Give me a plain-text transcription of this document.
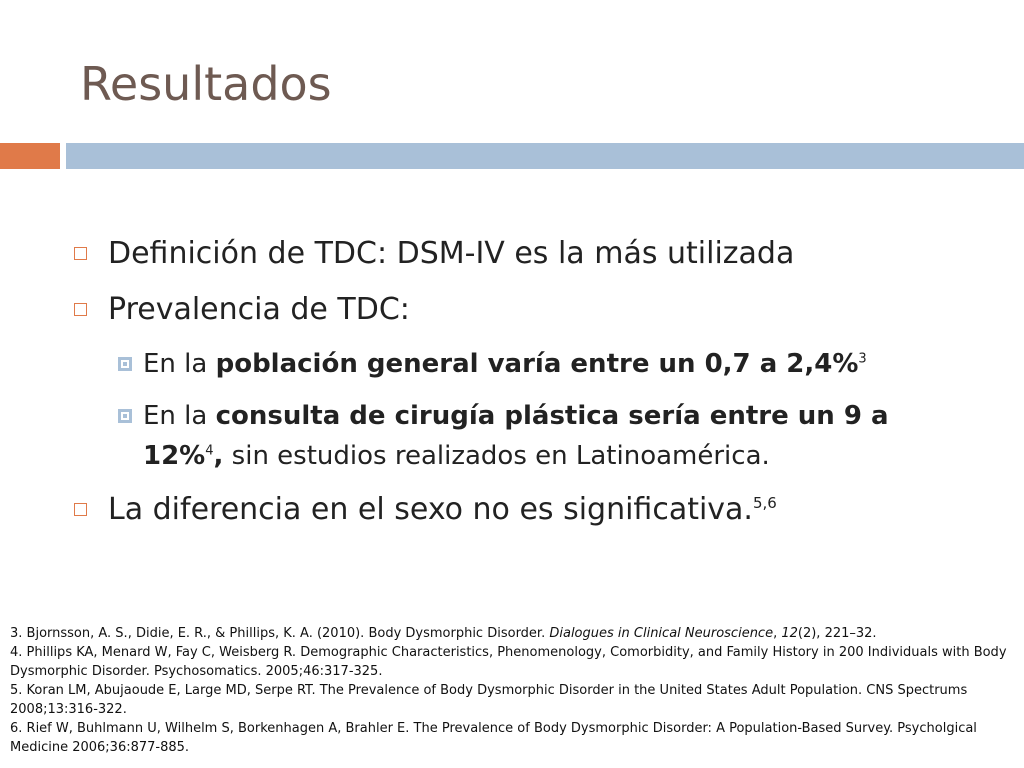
Resultados
Definición de TDC: DSM-IV es la más utilizada
Prevalencia de TDC:
En la población general varía entre un 0,7 a 2,4%$^3$
En la consulta de cirugía plástica sería entre un 9 a 12%$^4$, sin estudios realizados en Latinoamérica.
La diferencia en el sexo no es significativa.$^{5,6}$

3. Bjornsson, A. S., Didie, E. R., & Phillips, K. A. (2010). Body Dysmorphic Disorder. Dialogues in Clinical Neuroscience, 12(2), 221–32.

4. Phillips KA, Menard W, Fay C, Weisberg R. Demographic Characteristics, Phenomenology, Comorbidity, and Family History in 200 Individuals with Body Dysmorphic Disorder. Psychosomatics. 2005;46:317-325.

5. Koran LM, Abujaoude E, Large MD, Serpe RT. The Prevalence of Body Dysmorphic Disorder in the United States Adult Population. CNS Spectrums 2008;13:316-322.

6. Rief W, Buhlmann U, Wilhelm S, Borkenhagen A, Brahler E. The Prevalence of Body Dysmorphic Disorder: A Population-Based Survey. Psycholgical Medicine 2006;36:877-885.
